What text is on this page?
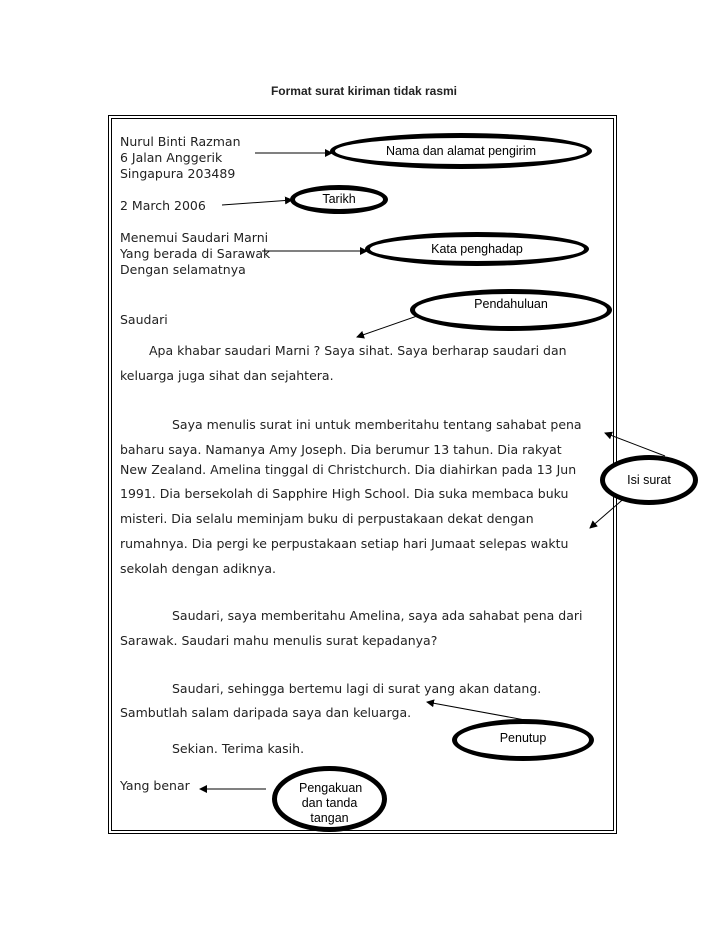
Format surat kiriman tidak rasmi
Nurul Binti Razman
6 Jalan Anggerik
Singapura 203489
2 March 2006
Menemui Saudari Marni
Yang berada di Sarawak
Dengan selamatnya
Saudari
Apa khabar saudari Marni ? Saya sihat. Saya berharap saudari dan
keluarga juga sihat dan sejahtera.
Saya menulis surat ini untuk memberitahu tentang sahabat pena
baharu saya. Namanya Amy Joseph. Dia berumur 13 tahun. Dia rakyat
New Zealand. Amelina tinggal di Christchurch. Dia diahirkan pada 13 Jun
1991. Dia bersekolah di Sapphire High School. Dia suka membaca buku
misteri. Dia selalu meminjam buku di perpustakaan dekat dengan
rumahnya. Dia pergi ke perpustakaan setiap hari Jumaat selepas waktu
sekolah dengan adiknya.
Saudari, saya memberitahu Amelina, saya ada sahabat pena dari
Sarawak. Saudari mahu menulis surat kepadanya?
Saudari, sehingga bertemu lagi di surat yang akan datang.
Sambutlah salam daripada saya dan keluarga.
Sekian. Terima kasih.
Yang benar
Nama dan alamat pengirim
Tarikh
Kata penghadap
Pendahuluan
Isi surat
Penutup
Pengakuan dan tanda tangan
